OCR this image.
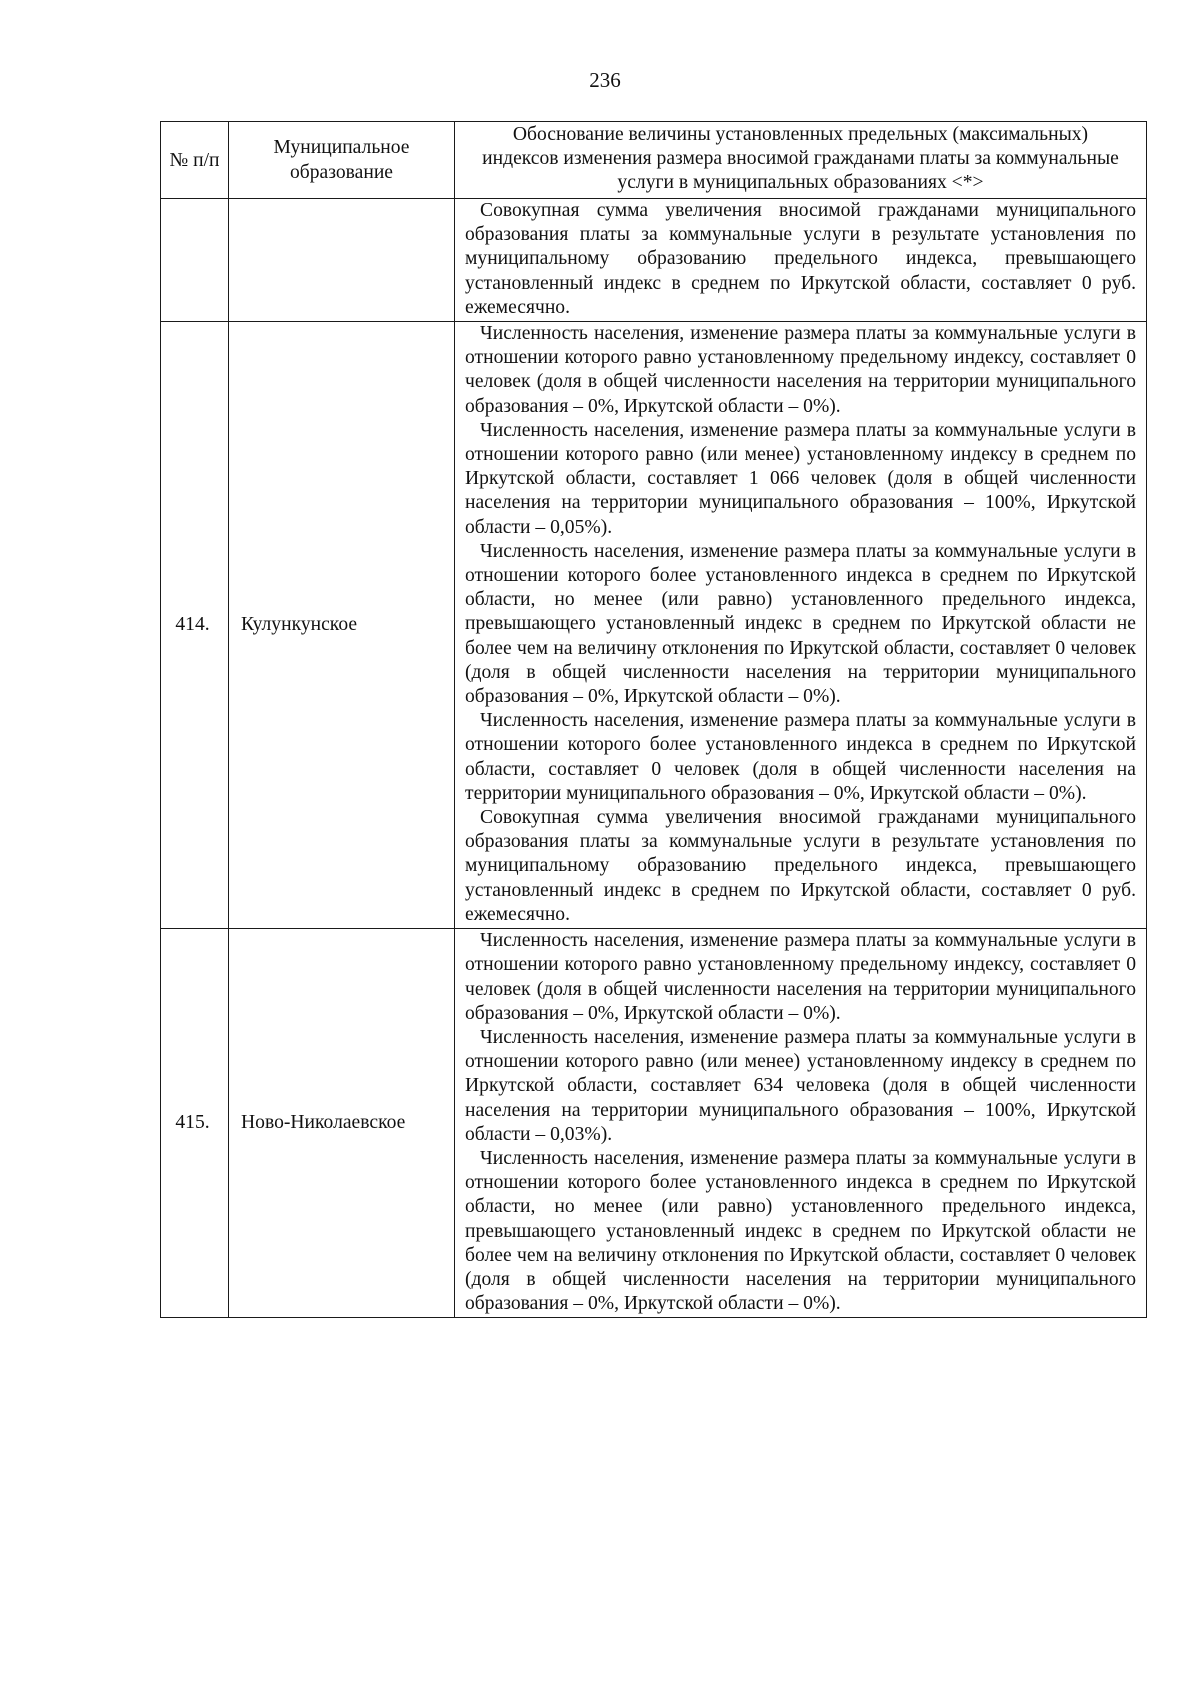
236
№ п/п	Муниципальное образование	Обоснование величины установленных предельных (максимальных) индексов изменения размера вносимой гражданами платы за коммунальные услуги в муниципальных образованиях <*>

		Совокупная сумма увеличения вносимой гражданами муниципального образования платы за коммунальные услуги в результате установления по муниципальному образованию предельного индекса, превышающего установленный индекс в среднем по Иркутской области, составляет 0 руб. ежемесячно.

414.	Кулункунское	Численность населения, изменение размера платы за коммунальные услуги в отношении которого равно установленному предельному индексу, составляет 0 человек (доля в общей численности населения на территории муниципального образования – 0%, Иркутской области – 0%).

Численность населения, изменение размера платы за коммунальные услуги в отношении которого равно (или менее) установленному индексу в среднем по Иркутской области, составляет 1 066 человек (доля в общей численности населения на территории муниципального образования – 100%, Иркутской области – 0,05%).

Численность населения, изменение размера платы за коммунальные услуги в отношении которого более установленного индекса в среднем по Иркутской области, но менее (или равно) установленного предельного индекса, превышающего установленный индекс в среднем по Иркутской области не более чем на величину отклонения по Иркутской области, составляет 0 человек (доля в общей численности населения на территории муниципального образования – 0%, Иркутской области – 0%).

Численность населения, изменение размера платы за коммунальные услуги в отношении которого более установленного индекса в среднем по Иркутской области, составляет 0 человек (доля в общей численности населения на территории муниципального образования – 0%, Иркутской области – 0%).

Совокупная сумма увеличения вносимой гражданами муниципального образования платы за коммунальные услуги в результате установления по муниципальному образованию предельного индекса, превышающего установленный индекс в среднем по Иркутской области, составляет 0 руб. ежемесячно.

415.	Ново-Николаевское	Численность населения, изменение размера платы за коммунальные услуги в отношении которого равно установленному предельному индексу, составляет 0 человек (доля в общей численности населения на территории муниципального образования – 0%, Иркутской области – 0%).

Численность населения, изменение размера платы за коммунальные услуги в отношении которого равно (или менее) установленному индексу в среднем по Иркутской области, составляет 634 человека (доля в общей численности населения на территории муниципального образования – 100%, Иркутской области – 0,03%).

Численность населения, изменение размера платы за коммунальные услуги в отношении которого более установленного индекса в среднем по Иркутской области, но менее (или равно) установленного предельного индекса, превышающего установленный индекс в среднем по Иркутской области не более чем на величину отклонения по Иркутской области, составляет 0 человек (доля в общей численности населения на территории муниципального образования – 0%, Иркутской области – 0%).
